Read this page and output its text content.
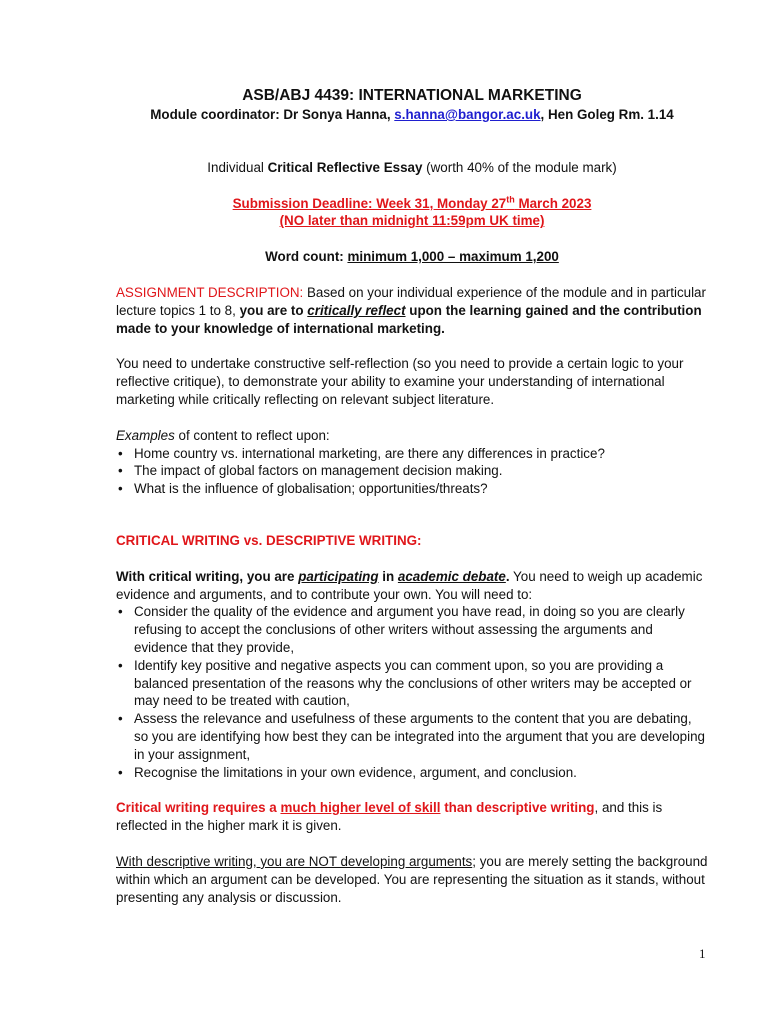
ASB/ABJ 4439: INTERNATIONAL MARKETING

Module coordinator: Dr Sonya Hanna, s.hanna@bangor.ac.uk, Hen Goleg Rm. 1.14

Individual Critical Reflective Essay (worth 40% of the module mark)

Submission Deadline: Week 31, Monday 27th March 2023

(NO later than midnight 11:59pm UK time)

Word count: minimum 1,000 – maximum 1,200

ASSIGNMENT DESCRIPTION: Based on your individual experience of the module and in particular lecture topics 1 to 8, you are to critically reflect upon the learning gained and the contribution made to your knowledge of international marketing.

You need to undertake constructive self-reflection (so you need to provide a certain logic to your reflective critique), to demonstrate your ability to examine your understanding of international marketing while critically reflecting on relevant subject literature.

Examples of content to reflect upon:

• Home country vs. international marketing, are there any differences in practice?
• The impact of global factors on management decision making.
• What is the influence of globalisation; opportunities/threats?

CRITICAL WRITING vs. DESCRIPTIVE WRITING:

With critical writing, you are participating in academic debate. You need to weigh up academic evidence and arguments, and to contribute your own. You will need to:

• Consider the quality of the evidence and argument you have read, in doing so you are clearly refusing to accept the conclusions of other writers without assessing the arguments and evidence that they provide,
• Identify key positive and negative aspects you can comment upon, so you are providing a balanced presentation of the reasons why the conclusions of other writers may be accepted or may need to be treated with caution,
• Assess the relevance and usefulness of these arguments to the content that you are debating, so you are identifying how best they can be integrated into the argument that you are developing in your assignment,
• Recognise the limitations in your own evidence, argument, and conclusion.

Critical writing requires a much higher level of skill than descriptive writing, and this is reflected in the higher mark it is given.

With descriptive writing, you are NOT developing arguments; you are merely setting the background within which an argument can be developed. You are representing the situation as it stands, without presenting any analysis or discussion.

1
